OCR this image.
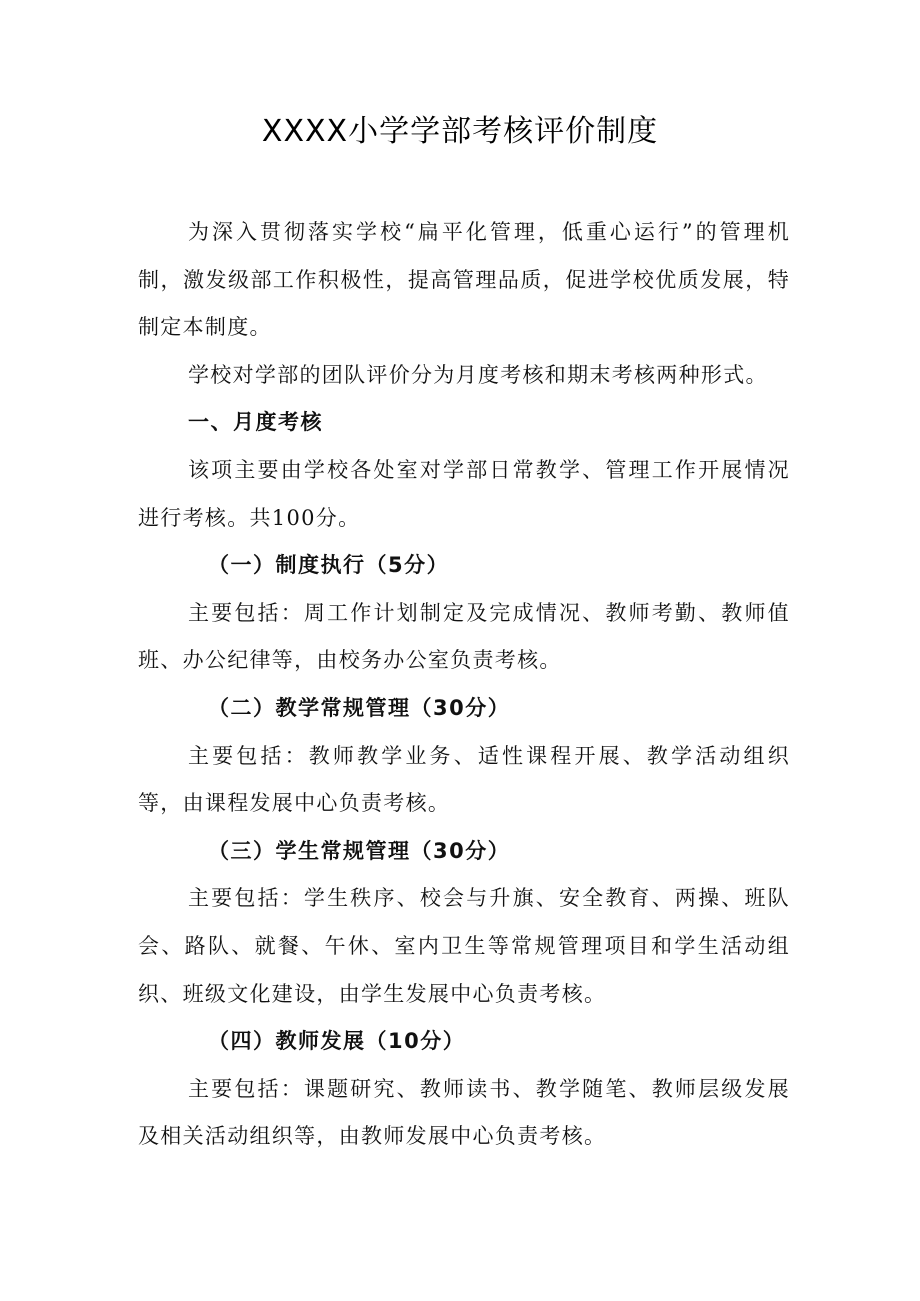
XXXX小学学部考核评价制度

为深入贯彻落实学校“扁平化管理，低重心运行”的管理机制，激发级部工作积极性，提高管理品质，促进学校优质发展，特制定本制度。

学校对学部的团队评价分为月度考核和期末考核两种形式。

一、月度考核

该项主要由学校各处室对学部日常教学、管理工作开展情况进行考核。共100分。

（一）制度执行（5分）

主要包括：周工作计划制定及完成情况、教师考勤、教师值班、办公纪律等，由校务办公室负责考核。

（二）教学常规管理（30分）

主要包括：教师教学业务、适性课程开展、教学活动组织等，由课程发展中心负责考核。

（三）学生常规管理（30分）

主要包括：学生秩序、校会与升旗、安全教育、两操、班队会、路队、就餐、午休、室内卫生等常规管理项目和学生活动组织、班级文化建设，由学生发展中心负责考核。

（四）教师发展（10分）

主要包括：课题研究、教师读书、教学随笔、教师层级发展及相关活动组织等，由教师发展中心负责考核。
